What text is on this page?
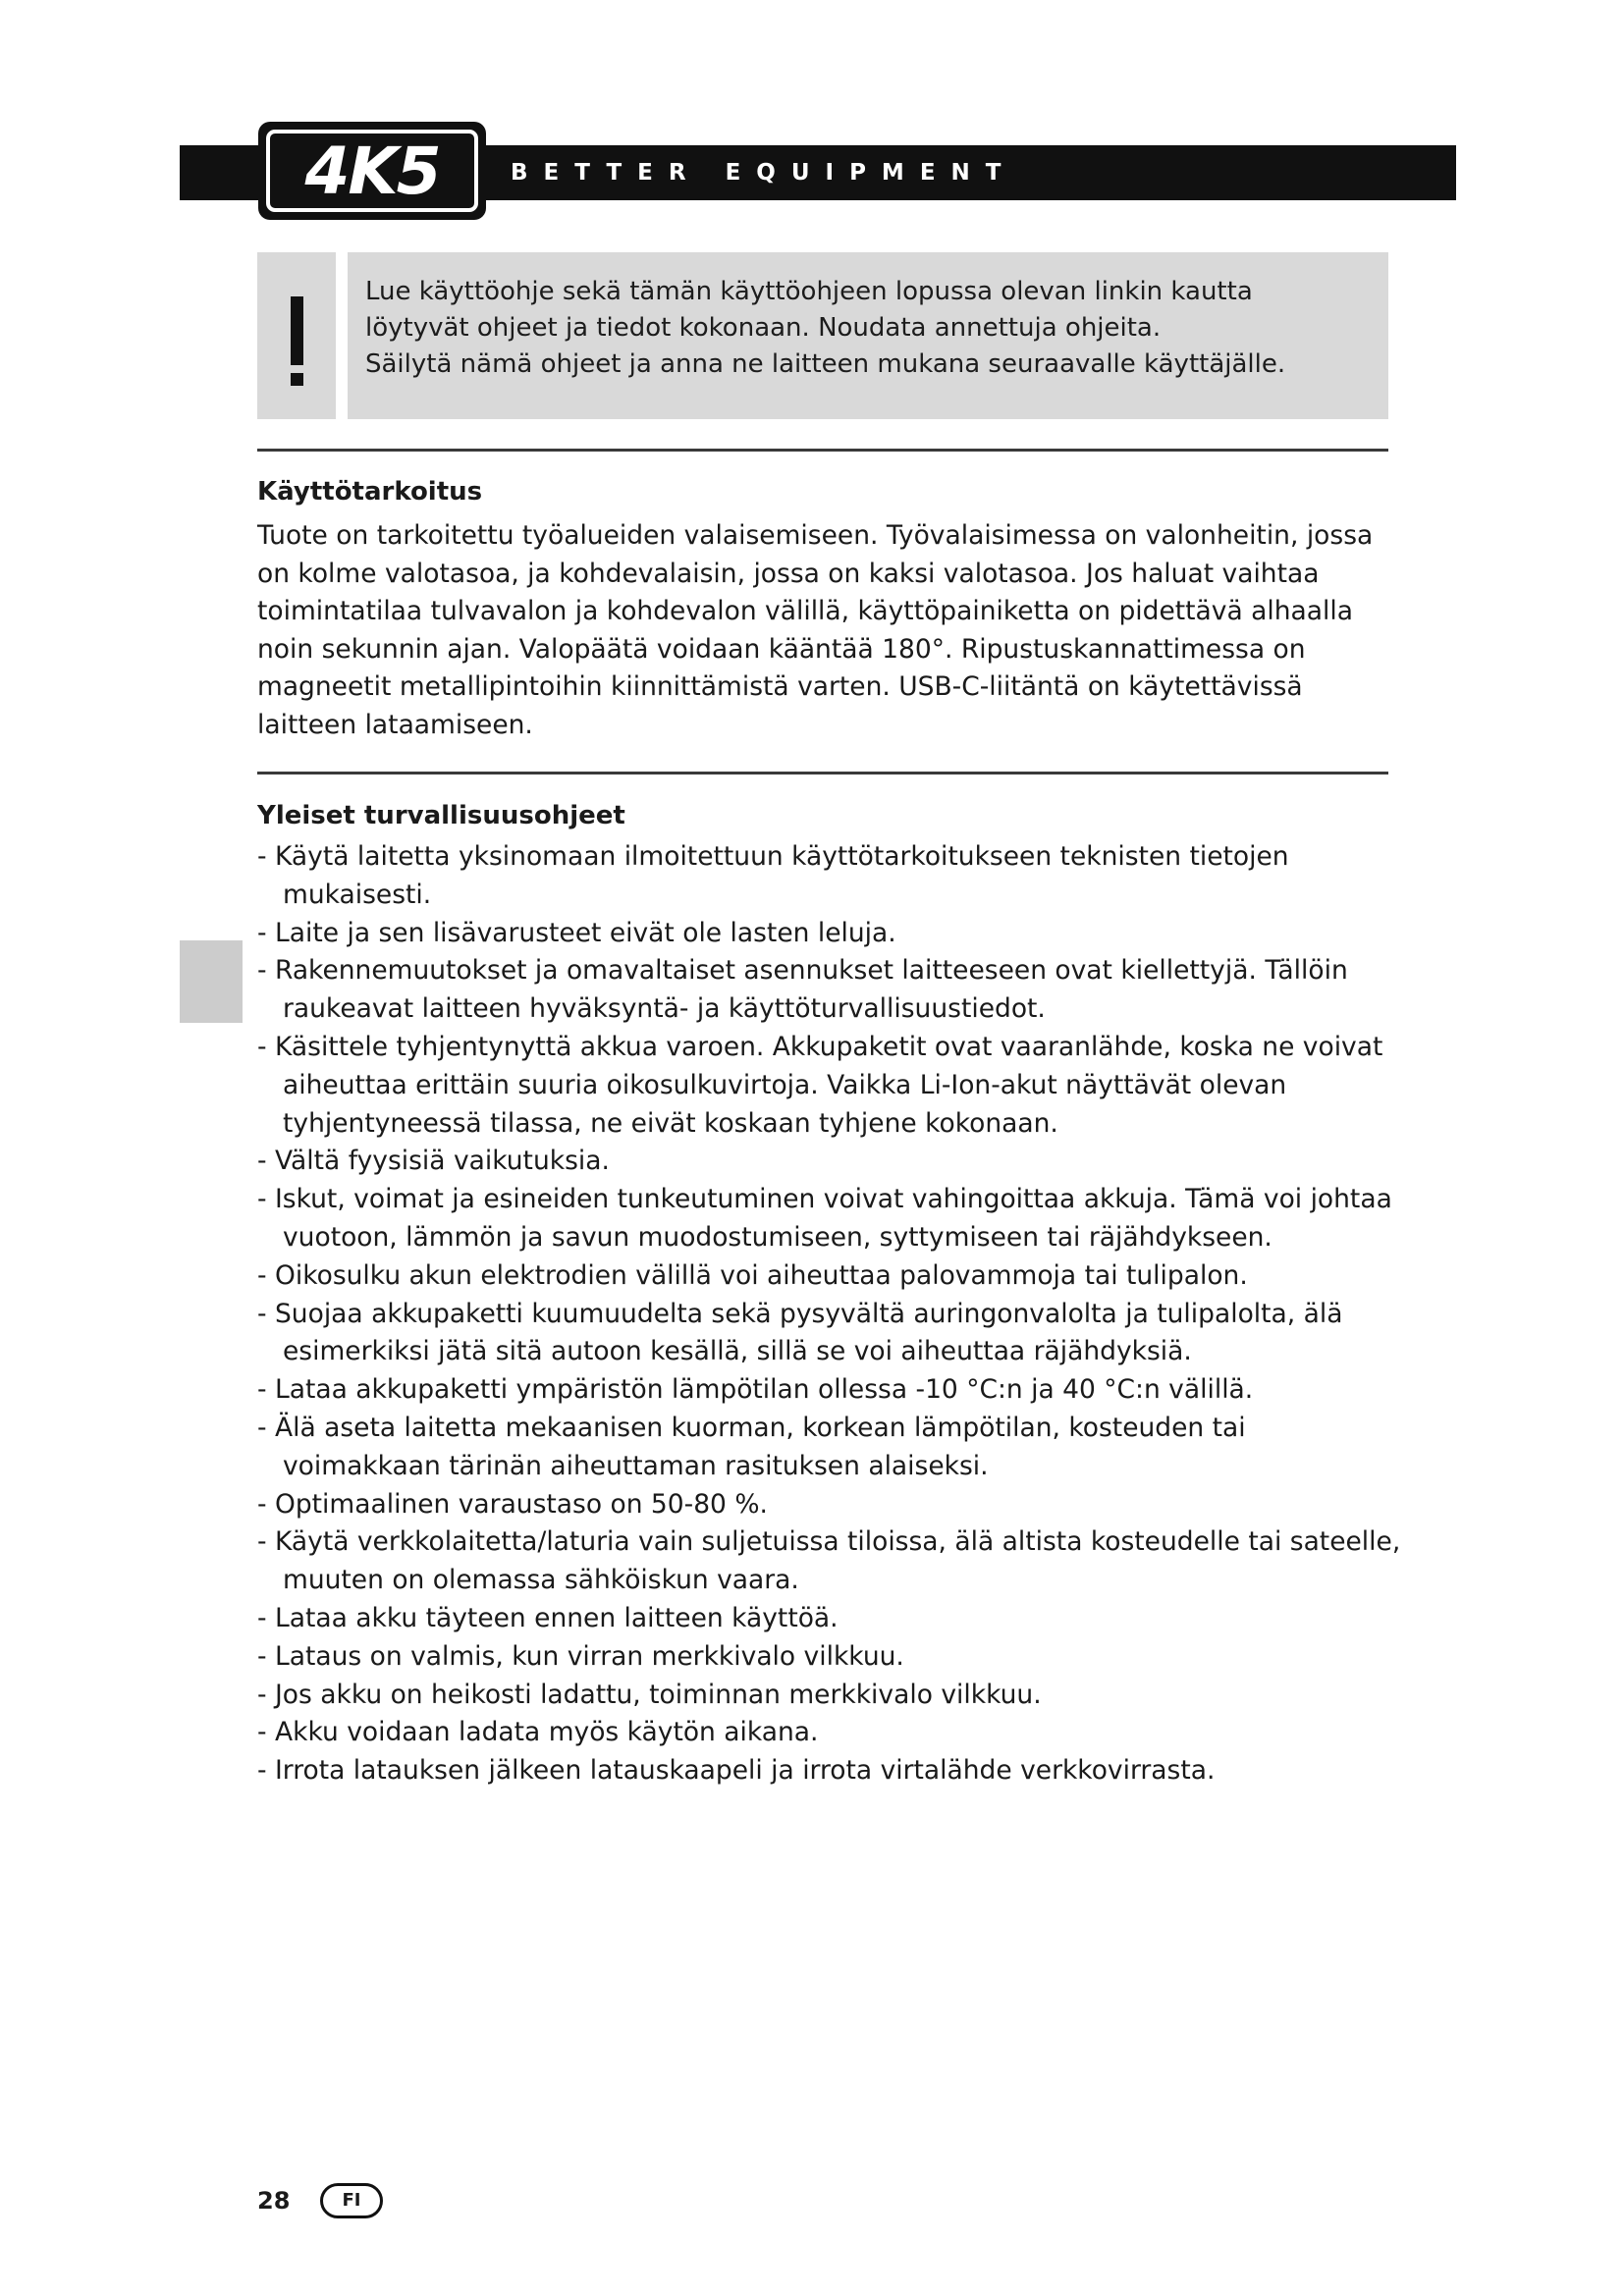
BETTER EQUIPMENT
4K5
Lue käyttöohje sekä tämän käyttöohjeen lopussa olevan linkin kautta
löytyvät ohjeet ja tiedot kokonaan. Noudata annettuja ohjeita.
Säilytä nämä ohjeet ja anna ne laitteen mukana seuraavalle käyttäjälle.
Käyttötarkoitus
Tuote on tarkoitettu työalueiden valaisemiseen. Työvalaisimessa on valonheitin, jossa on kolme valotasoa, ja kohdevalaisin, jossa on kaksi valotasoa. Jos haluat vaihtaa toimintatilaa tulvavalon ja kohdevalon välillä, käyttöpainiketta on pidettävä alhaalla noin sekunnin ajan. Valopäätä voidaan kääntää 180°. Ripustuskannattimessa on magneetit metallipintoihin kiinnittämistä varten. USB-C-liitäntä on käytettävissä laitteen lataamiseen.
Yleiset turvallisuusohjeet
- Käytä laitetta yksinomaan ilmoitettuun käyttötarkoitukseen teknisten tietojen mukaisesti.
- Laite ja sen lisävarusteet eivät ole lasten leluja.
- Rakennemuutokset ja omavaltaiset asennukset laitteeseen ovat kiellettyjä. Tällöin raukeavat laitteen hyväksyntä- ja käyttöturvallisuustiedot.
- Käsittele tyhjentynyttä akkua varoen. Akkupaketit ovat vaaranlähde, koska ne voivat aiheuttaa erittäin suuria oikosulkuvirtoja. Vaikka Li-Ion-akut näyttävät olevan tyhjentyneessä tilassa, ne eivät koskaan tyhjene kokonaan.
- Vältä fyysisiä vaikutuksia.
- Iskut, voimat ja esineiden tunkeutuminen voivat vahingoittaa akkuja. Tämä voi johtaa vuotoon, lämmön ja savun muodostumiseen, syttymiseen tai räjähdykseen.
- Oikosulku akun elektrodien välillä voi aiheuttaa palovammoja tai tulipalon.
- Suojaa akkupaketti kuumuudelta sekä pysyvältä auringonvalolta ja tulipalolta, älä esimerkiksi jätä sitä autoon kesällä, sillä se voi aiheuttaa räjähdyksiä.
- Lataa akkupaketti ympäristön lämpötilan ollessa -10 °C:n ja 40 °C:n välillä.
- Älä aseta laitetta mekaanisen kuorman, korkean lämpötilan, kosteuden tai voimakkaan tärinän aiheuttaman rasituksen alaiseksi.
- Optimaalinen varaustaso on 50-80 %.
- Käytä verkkolaitetta/laturia vain suljetuissa tiloissa, älä altista kosteudelle tai sateelle, muuten on olemassa sähköiskun vaara.
- Lataa akku täyteen ennen laitteen käyttöä.
- Lataus on valmis, kun virran merkkivalo vilkkuu.
- Jos akku on heikosti ladattu, toiminnan merkkivalo vilkkuu.
- Akku voidaan ladata myös käytön aikana.
- Irrota latauksen jälkeen latauskaapeli ja irrota virtalähde verkkovirrasta.
28	FI
